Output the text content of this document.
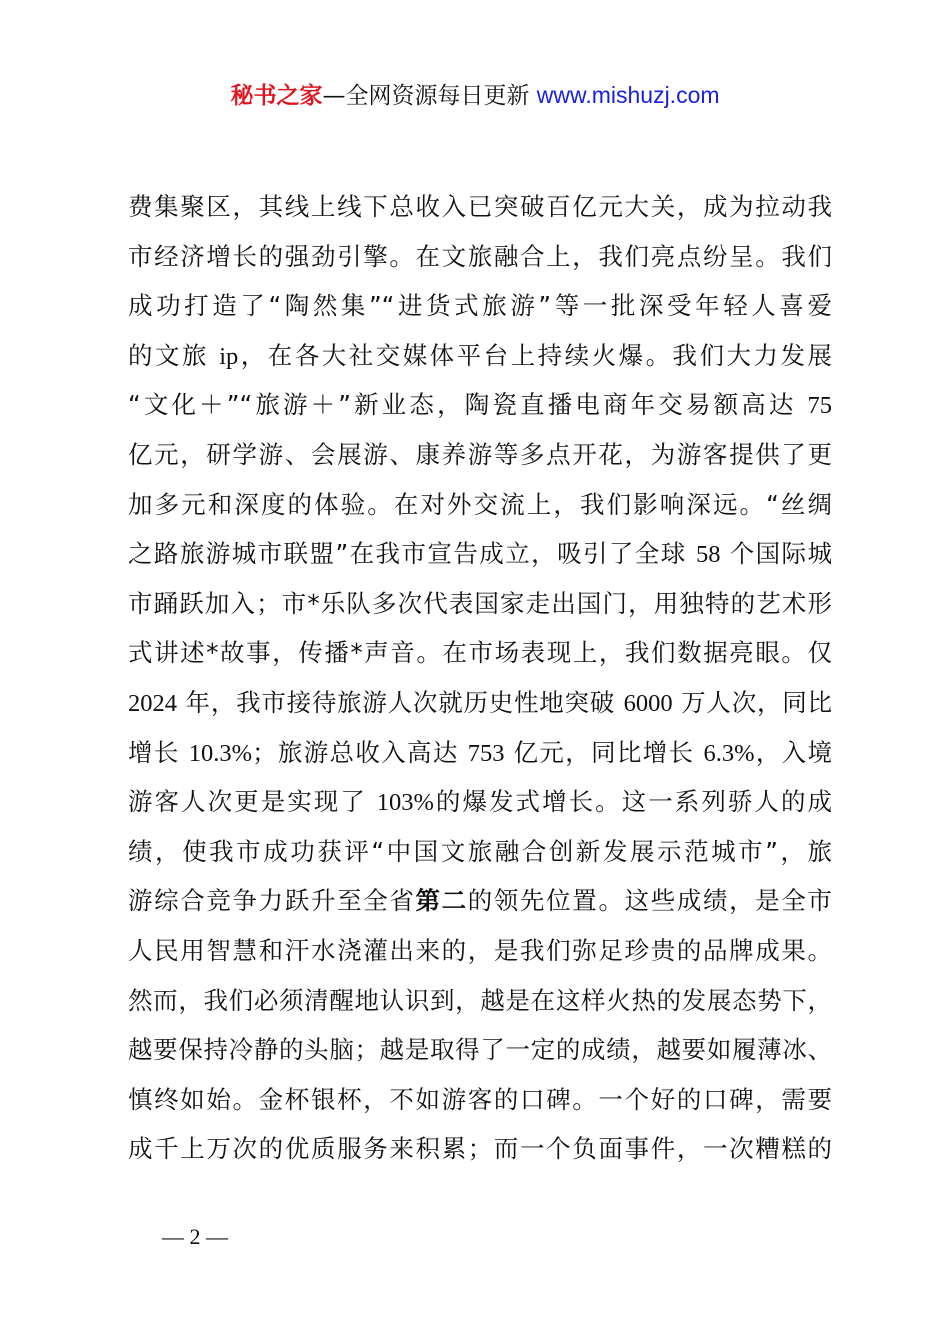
秘书之家—全网资源每日更新 www.mishuzj.com
费集聚区，其线上线下总收入已突破百亿元大关，成为拉动我
市经济增长的强劲引擎。在文旅融合上，我们亮点纷呈。我们
成功打造了“陶然集”“进货式旅游”等一批深受年轻人喜爱
的文旅 ip，在各大社交媒体平台上持续火爆。我们大力发展
“文化＋”“旅游＋”新业态，陶瓷直播电商年交易额高达 75
亿元，研学游、会展游、康养游等多点开花，为游客提供了更
加多元和深度的体验。在对外交流上，我们影响深远。“丝绸
之路旅游城市联盟”在我市宣告成立，吸引了全球 58 个国际城
市踊跃加入；市*乐队多次代表国家走出国门，用独特的艺术形
式讲述*故事，传播*声音。在市场表现上，我们数据亮眼。仅
2024 年，我市接待旅游人次就历史性地突破 6000 万人次，同比
增长 10.3%；旅游总收入高达 753 亿元，同比增长 6.3%，入境
游客人次更是实现了 103%的爆发式增长。这一系列骄人的成
绩，使我市成功获评“中国文旅融合创新发展示范城市”，旅
游综合竞争力跃升至全省第二的领先位置。这些成绩，是全市
人民用智慧和汗水浇灌出来的，是我们弥足珍贵的品牌成果。
然而，我们必须清醒地认识到，越是在这样火热的发展态势下，
越要保持冷静的头脑；越是取得了一定的成绩，越要如履薄冰、
慎终如始。金杯银杯，不如游客的口碑。一个好的口碑，需要
成千上万次的优质服务来积累；而一个负面事件，一次糟糕的
— 2 —
